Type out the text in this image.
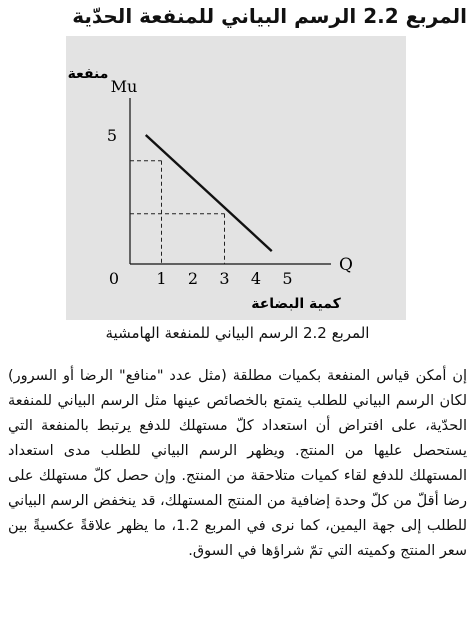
المربع 2.2 الرسم البياني للمنفعة الحدّية
Mu
Q
منفعة
كمية البضاعة
0 1 2 3 4 5
5
المربع 2.2 الرسم البياني للمنفعة الهامشية
إن أمكن قياس المنفعة بكميات مطلقة (مثل عدد "منافع" الرضا أو السرور) لكان الرسم البياني للطلب يتمتع بالخصائص عينها مثل الرسم البياني للمنفعة الحدّية، على افتراض أن استعداد كلّ مستهلك للدفع يرتبط بالمنفعة التي يستحصل عليها من المنتج. ويظهر الرسم البياني للطلب مدى استعداد المستهلك للدفع لقاء كميات متلاحقة من المنتج. وإن حصل كلّ مستهلك على رضا أقلّ من كلّ وحدة إضافية من المنتج المستهلك، قد ينخفض الرسم البياني للطلب إلى جهة اليمين، كما نرى في المربع 1.2، ما يظهر علاقةً عكسيةً بين سعر المنتج وكميته التي تمّ شراؤها في السوق.
